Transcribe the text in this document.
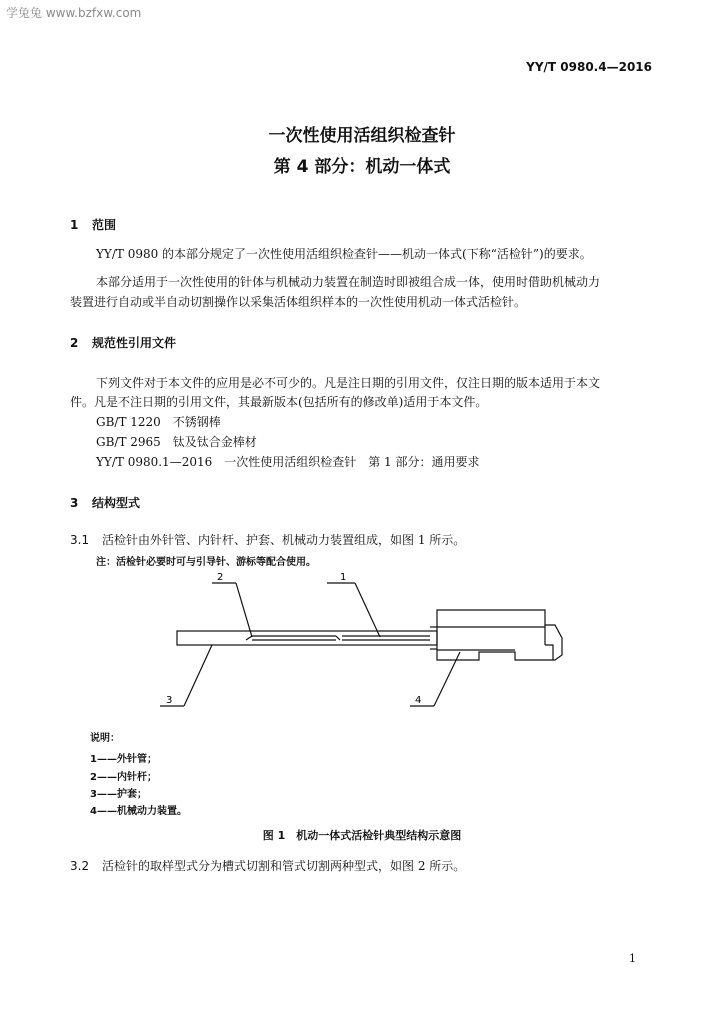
学兔兔 www.bzfxw.com
YY/T 0980.4—2016
一次性使用活组织检查针
第 4 部分：机动一体式
1 范围
YY/T 0980 的本部分规定了一次性使用活组织检查针——机动一体式(下称“活检针”)的要求。
本部分适用于一次性使用的针体与机械动力装置在制造时即被组合成一体，使用时借助机械动力
装置进行自动或半自动切割操作以采集活体组织样本的一次性使用机动一体式活检针。
2 规范性引用文件
下列文件对于本文件的应用是必不可少的。凡是注日期的引用文件，仅注日期的版本适用于本文
件。凡是不注日期的引用文件，其最新版本(包括所有的修改单)适用于本文件。
GB/T 1220　不锈钢棒
GB/T 2965　钛及钛合金棒材
YY/T 0980.1—2016　一次性使用活组织检查针　第 1 部分：通用要求
3 结构型式
3.1 活检针由外针管、内针杆、护套、机械动力装置组成，如图 1 所示。
注：活检针必要时可与引导针、游标等配合使用。
2	1
3	4
说明：
1——外针管；
2——内针杆；
3——护套；
4——机械动力装置。
图 1　机动一体式活检针典型结构示意图
3.2 活检针的取样型式分为槽式切割和管式切割两种型式，如图 2 所示。
1
